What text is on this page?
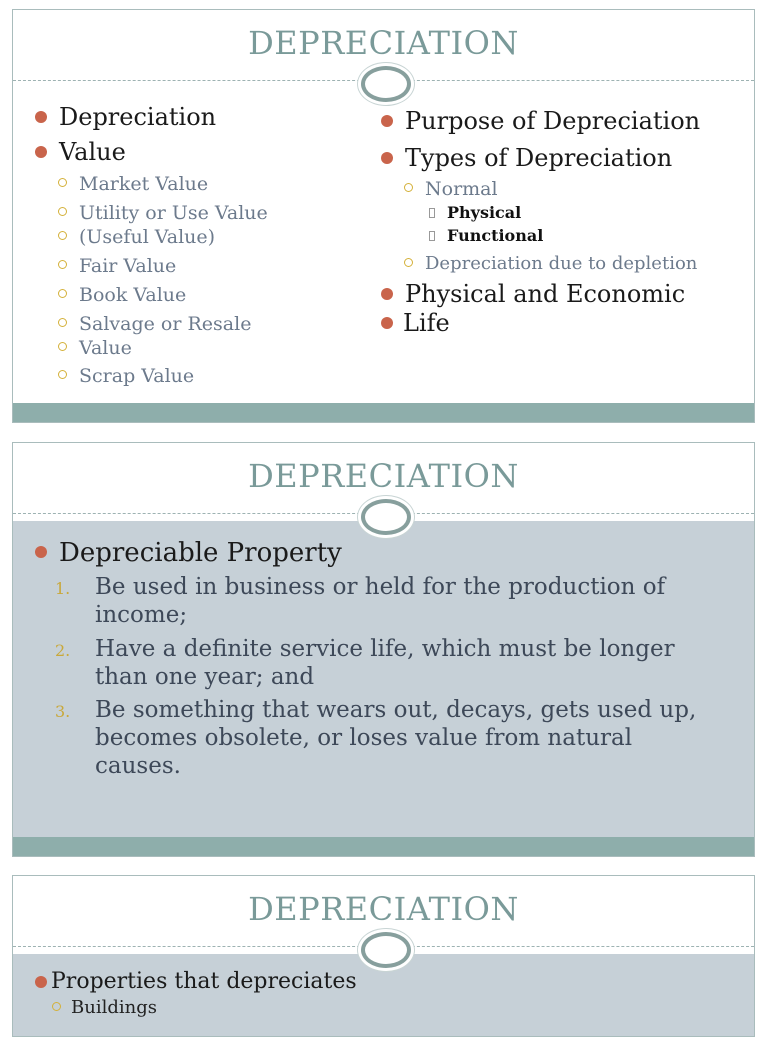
DEPRECIATION
Depreciation
Value
Market Value
Utility or Use Value
(Useful Value)
Fair Value
Book Value
Salvage or Resale
Value
Scrap Value
Purpose of Depreciation
Types of Depreciation
Normal
Physical
Functional
Depreciation due to depletion
Physical and Economic
Life
DEPRECIATION
Depreciable Property
1. Be used in business or held for the production of
income;
2. Have a definite service life, which must be longer
than one year; and
3. Be something that wears out, decays, gets used up,
becomes obsolete, or loses value from natural
causes.
DEPRECIATION
Properties that depreciates
Buildings
